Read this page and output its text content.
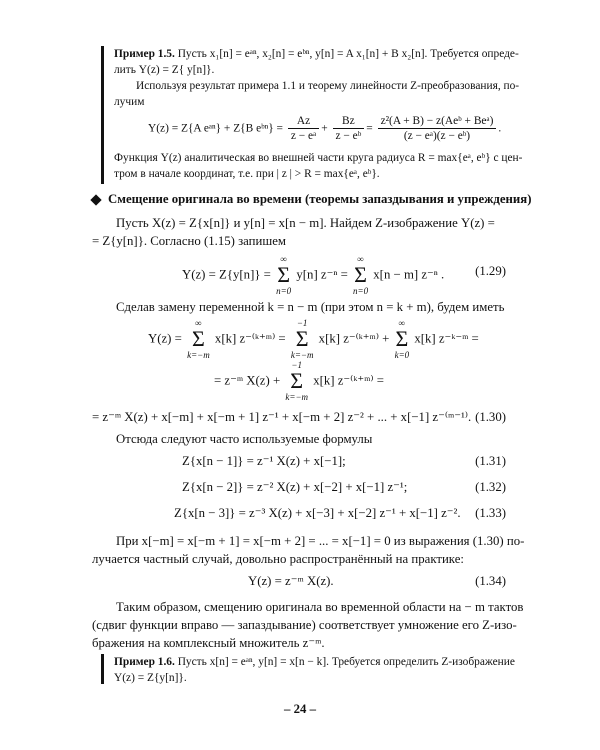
Пример 1.5. Пусть x₁[n] = eᵃⁿ, x₂[n] = eᵇⁿ, y[n] = A x₁[n] + B x₂[n]. Требуется опреде-
лить Y(z) = Z{ y[n]}.
Используя результат примера 1.1 и теорему линейности Z-преобразования, по-
лучим
Y(z) = Z{A eᵃⁿ} + Z{B eᵇⁿ} = $\frac{Az}{\text{z − eᵃ}} + \frac{Bz}{\text{z − eᵇ}} = \frac{\text{z²(A + B) − z(Aeᵇ + Beᵃ)}}{\text{(z − eᵃ)(z − eᵇ)}}$ .
Функция Y(z) аналитическая во внешней части круга радиуса R = max{eᵃ, eᵇ} с цен-
тром в начале координат, т.е. при | z | > R = max{eᵃ, eᵇ}.
Смещение оригинала во времени (теоремы запаздывания и упреждения)
Пусть X(z) = Z{x[n]} и y[n] = x[n − m]. Найдем Z-изображение Y(z) =
= Z{y[n]}. Согласно (1.15) запишем
Y(z) = Z{y[n]} =
∞
Σ
n=0
y[n] z⁻ⁿ =
∞
Σ
n=0
x[n − m] z⁻ⁿ . (1.29)
Сделав замену переменной k = n − m (при этом n = k + m), будем иметь
Y(z) =
∞
Σ
k=−m
x[k] z⁻⁽ᵏ⁺ᵐ⁾ =
−1
Σ
k=−m
x[k] z⁻⁽ᵏ⁺ᵐ⁾ +
∞
Σ
k=0
x[k] z⁻ᵏ⁻ᵐ =
= z⁻ᵐ X(z) +
−1
Σ
k=−m
x[k] z⁻⁽ᵏ⁺ᵐ⁾ =
= z⁻ᵐ X(z) + x[−m] + x[−m + 1] z⁻¹ + x[−m + 2] z⁻² + ... + x[−1] z⁻⁽ᵐ⁻¹⁾. (1.30)
Отсюда следуют часто используемые формулы
Z{x[n − 1]} = z⁻¹ X(z) + x[−1];	(1.31)
Z{x[n − 2]} = z⁻² X(z) + x[−2] + x[−1] z⁻¹;	(1.32)
Z{x[n − 3]} = z⁻³ X(z) + x[−3] + x[−2] z⁻¹ + x[−1] z⁻². (1.33)
При x[−m] = x[−m + 1] = x[−m + 2] = ... = x[−1] = 0 из выражения (1.30) по-
лучается частный случай, довольно распространённый на практике:
Y(z) = z⁻ᵐ X(z).	(1.34)
Таким образом, смещению оригинала во временной области на − m тактов
(сдвиг функции вправо — запаздывание) соответствует умножение его Z-изо-
бражения на комплексный множитель z⁻ᵐ.
Пример 1.6. Пусть x[n] = eᵃⁿ, y[n] = x[n − k]. Требуется определить Z-изображение
Y(z) = Z{y[n]}.
– 24 –
